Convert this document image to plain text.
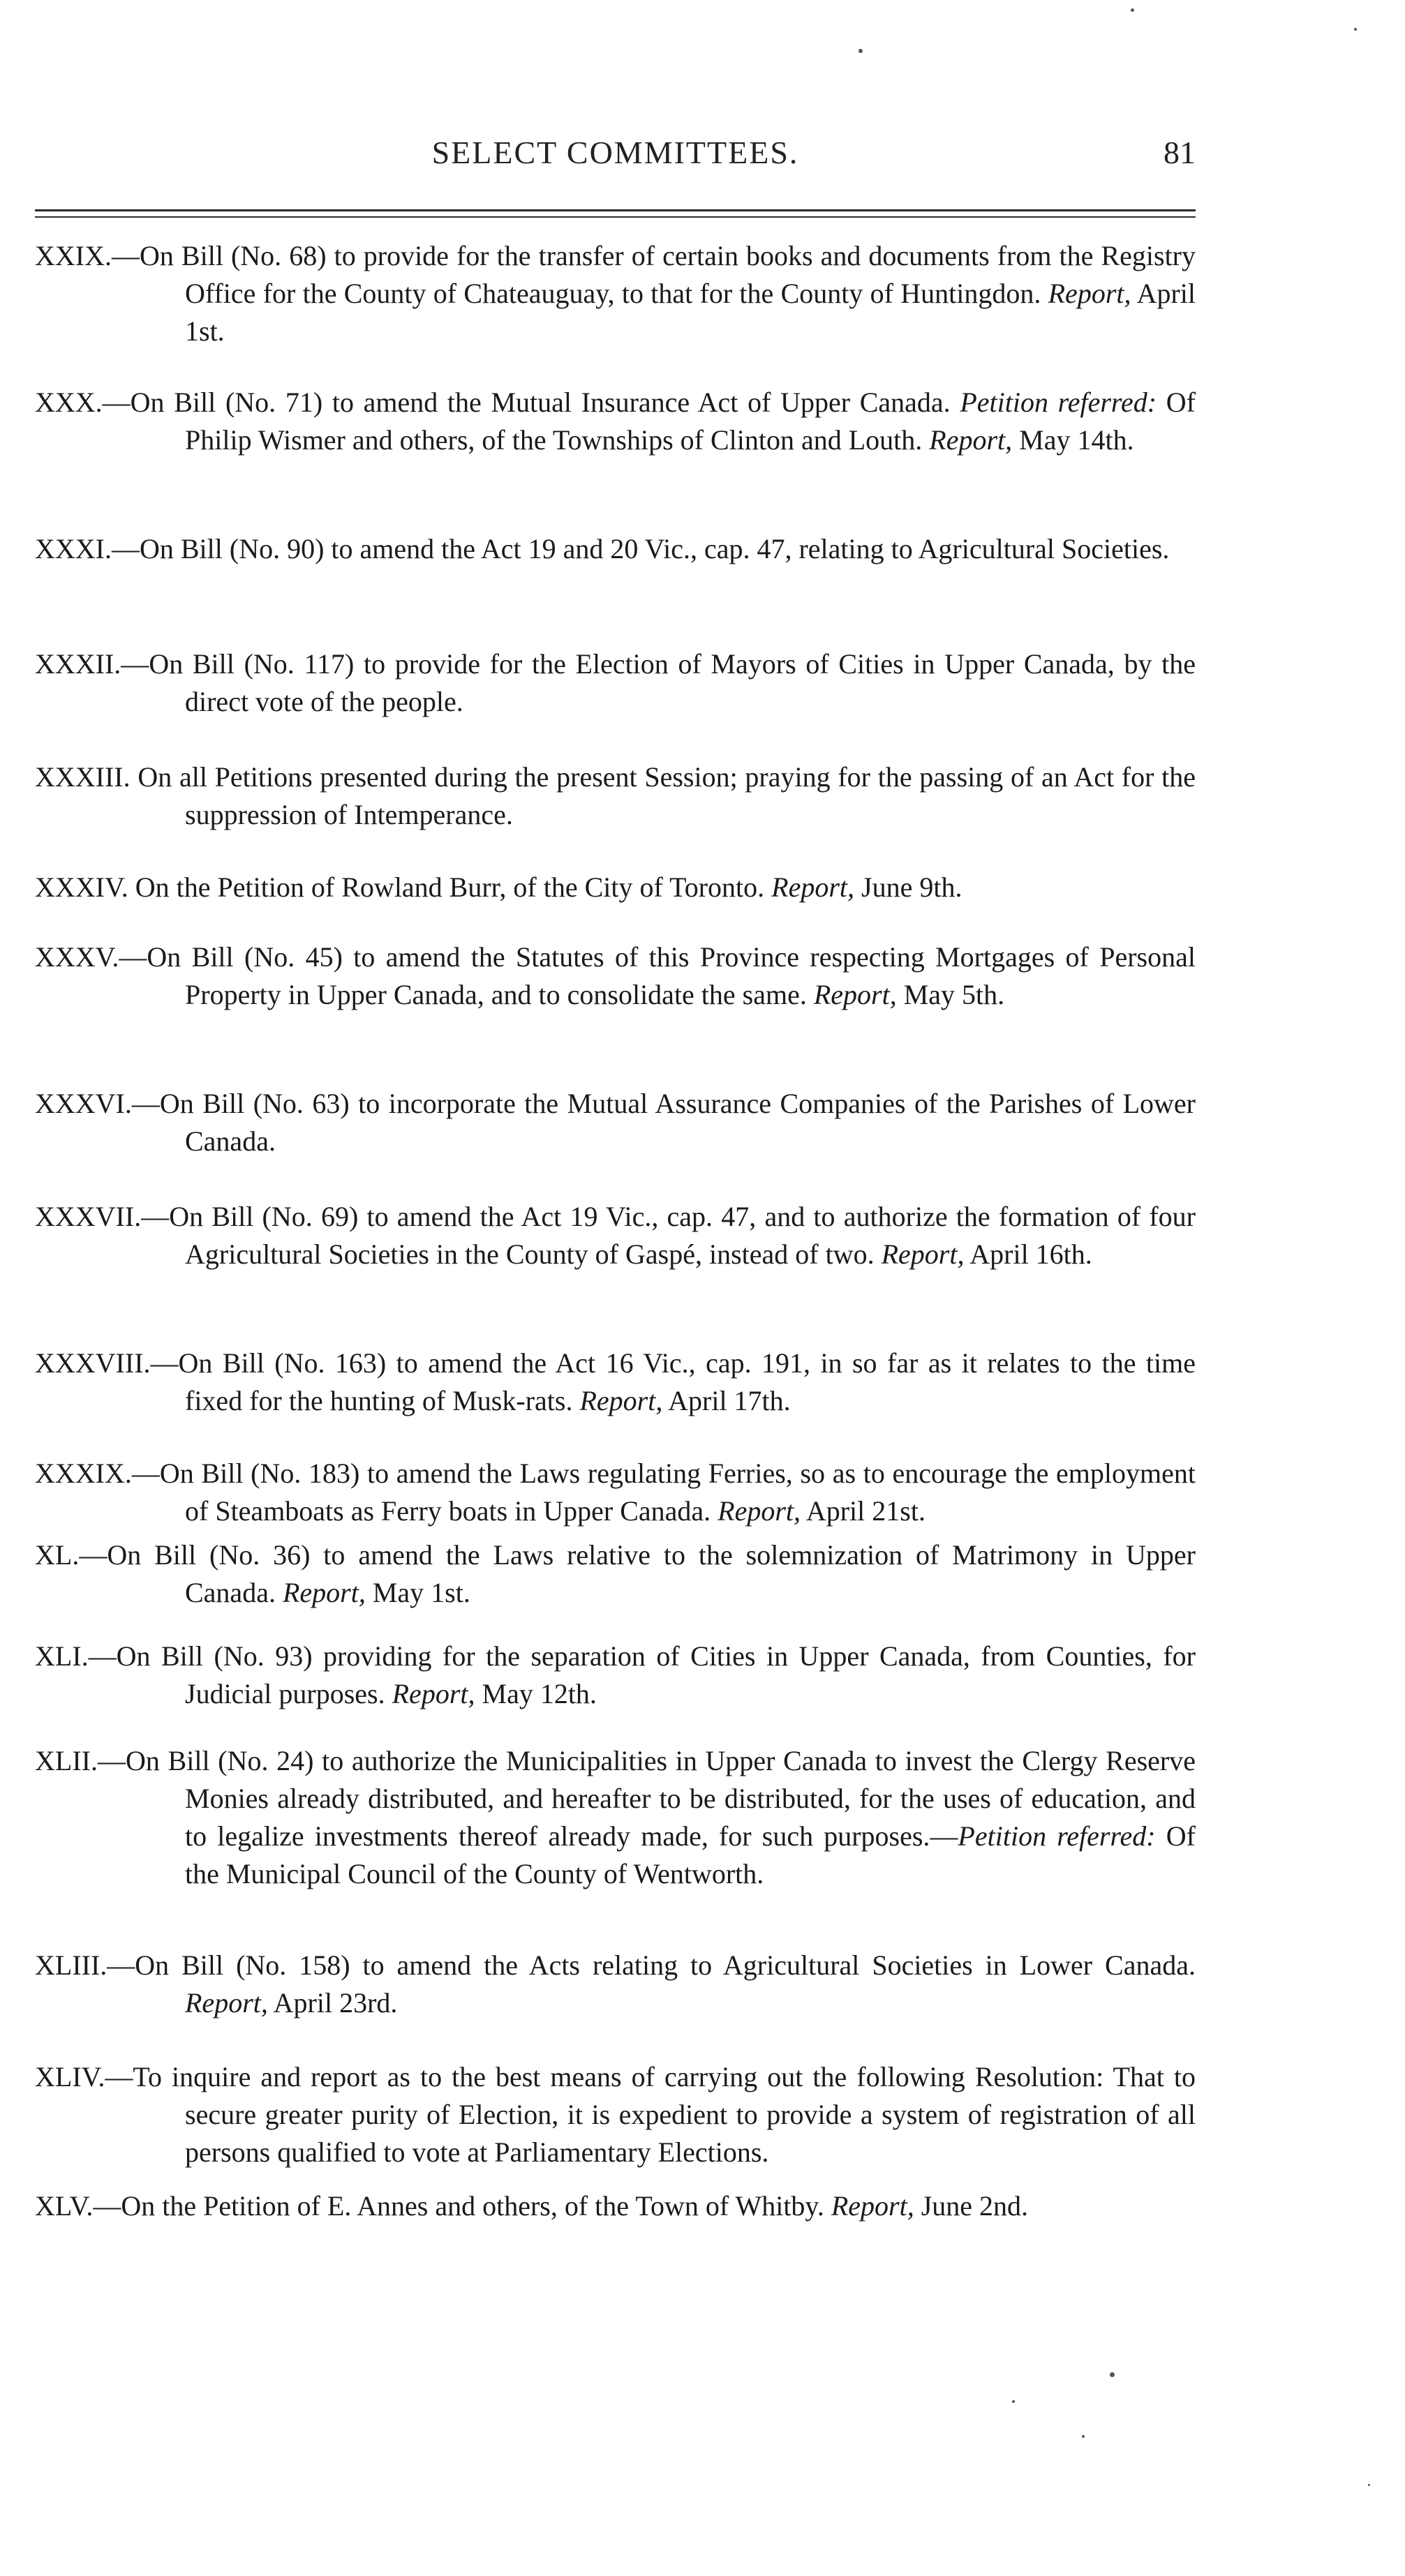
SELECT COMMITTEES.	81
XXIX.—On Bill (No. 68) to provide for the transfer of certain books and documents from the Registry Office for the County of Chateauguay, to that for the County of Huntingdon. Report, April 1st.
XXX.—On Bill (No. 71) to amend the Mutual Insurance Act of Upper Canada. Petition referred: Of Philip Wismer and others, of the Townships of Clinton and Louth. Report, May 14th.
XXXI.—On Bill (No. 90) to amend the Act 19 and 20 Vic., cap. 47, relating to Agricultural Societies.
XXXII.—On Bill (No. 117) to provide for the Election of Mayors of Cities in Upper Canada, by the direct vote of the people.
XXXIII. On all Petitions presented during the present Session; praying for the passing of an Act for the suppression of Intemperance.
XXXIV. On the Petition of Rowland Burr, of the City of Toronto. Report, June 9th.
XXXV.—On Bill (No. 45) to amend the Statutes of this Province respecting Mortgages of Personal Property in Upper Canada, and to consolidate the same. Report, May 5th.
XXXVI.—On Bill (No. 63) to incorporate the Mutual Assurance Companies of the Parishes of Lower Canada.
XXXVII.—On Bill (No. 69) to amend the Act 19 Vic., cap. 47, and to authorize the formation of four Agricultural Societies in the County of Gaspé, instead of two. Report, April 16th.
XXXVIII.—On Bill (No. 163) to amend the Act 16 Vic., cap. 191, in so far as it relates to the time fixed for the hunting of Musk-rats. Report, April 17th.
XXXIX.—On Bill (No. 183) to amend the Laws regulating Ferries, so as to encourage the employment of Steamboats as Ferry boats in Upper Canada. Report, April 21st.
XL.—On Bill (No. 36) to amend the Laws relative to the solemnization of Matrimony in Upper Canada. Report, May 1st.
XLI.—On Bill (No. 93) providing for the separation of Cities in Upper Canada, from Counties, for Judicial purposes. Report, May 12th.
XLII.—On Bill (No. 24) to authorize the Municipalities in Upper Canada to invest the Clergy Reserve Monies already distributed, and hereafter to be distributed, for the uses of education, and to legalize investments thereof already made, for such purposes.—Petition referred: Of the Municipal Council of the County of Wentworth.
XLIII.—On Bill (No. 158) to amend the Acts relating to Agricultural Societies in Lower Canada. Report, April 23rd.
XLIV.—To inquire and report as to the best means of carrying out the following Resolution: That to secure greater purity of Election, it is expedient to provide a system of registration of all persons qualified to vote at Parliamentary Elections.
XLV.—On the Petition of E. Annes and others, of the Town of Whitby. Report, June 2nd.
